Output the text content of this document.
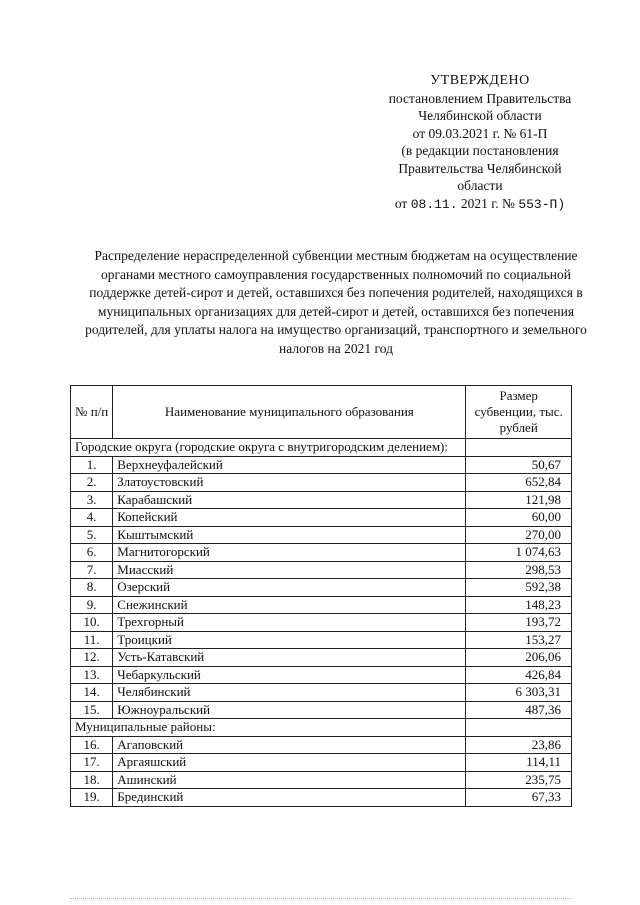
УТВЕРЖДЕНО
постановлением Правительства
Челябинской области
от 09.03.2021 г. № 61-П
(в редакции постановления
Правительства Челябинской
области
от 08.11. 2021 г. № 553-П)
Распределение нераспределенной субвенции местным бюджетам на осуществление органами местного самоуправления государственных полномочий по социальной поддержке детей-сирот и детей, оставшихся без попечения родителей, находящихся в муниципальных организациях для детей-сирот и детей, оставшихся без попечения родителей, для уплаты налога на имущество организаций, транспортного и земельного налогов на 2021 год
№ п/п	Наименование муниципального образования	Размер субвенции, тыс. рублей
Городские округа (городские округа с внутригородским делением):		
1.	Верхнеуфалейский	50,67
2.	Златоустовский	652,84
3.	Карабашский	121,98
4.	Копейский	60,00
5.	Кыштымский	270,00
6.	Магнитогорский	1 074,63
7.	Миасский	298,53
8.	Озерский	592,38
9.	Снежинский	148,23
10.	Трехгорный	193,72
11.	Троицкий	153,27
12.	Усть-Катавский	206,06
13.	Чебаркульский	426,84
14.	Челябинский	6 303,31
15.	Южноуральский	487,36
Муниципальные районы:		
16.	Агаповский	23,86
17.	Аргаяшский	114,11
18.	Ашинский	235,75
19.	Брединский	67,33
